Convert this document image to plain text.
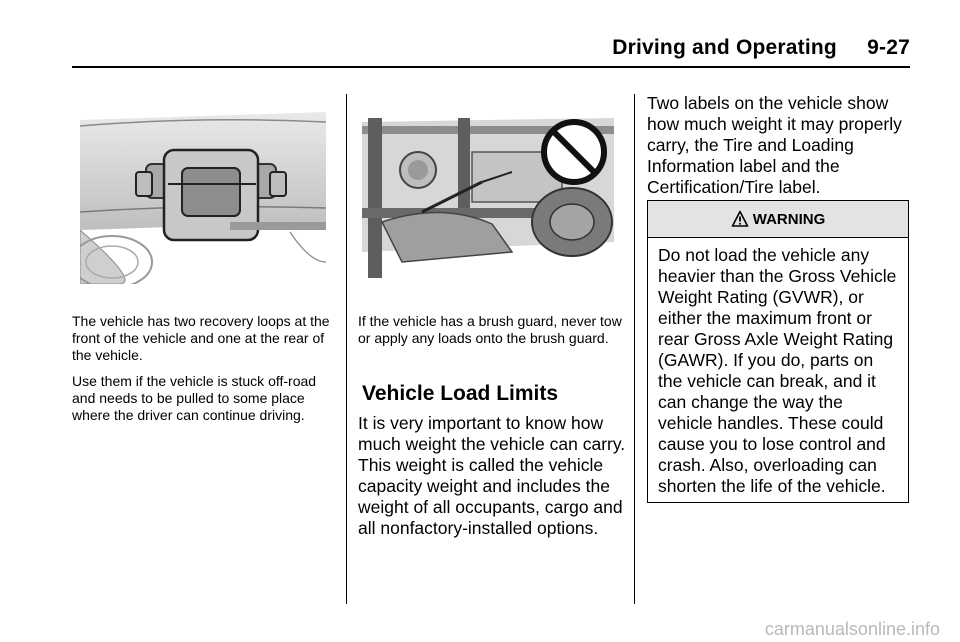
Driving and Operating 9-27

The vehicle has two recovery loops at the front of the vehicle and one at the rear of the vehicle.

Use them if the vehicle is stuck off-road and needs to be pulled to some place where the driver can continue driving.

If the vehicle has a brush guard, never tow or apply any loads onto the brush guard.

Vehicle Load Limits

It is very important to know how much weight the vehicle can carry. This weight is called the vehicle capacity weight and includes the weight of all occupants, cargo and all nonfactory-installed options.

Two labels on the vehicle show how much weight it may properly carry, the Tire and Loading Information label and the Certification/Tire label.

WARNING
Do not load the vehicle any heavier than the Gross Vehicle Weight Rating (GVWR), or either the maximum front or rear Gross Axle Weight Rating (GAWR). If you do, parts on the vehicle can break, and it can change the way the vehicle handles. These could cause you to lose control and crash. Also, overloading can shorten the life of the vehicle.
carmanualsonline.info
